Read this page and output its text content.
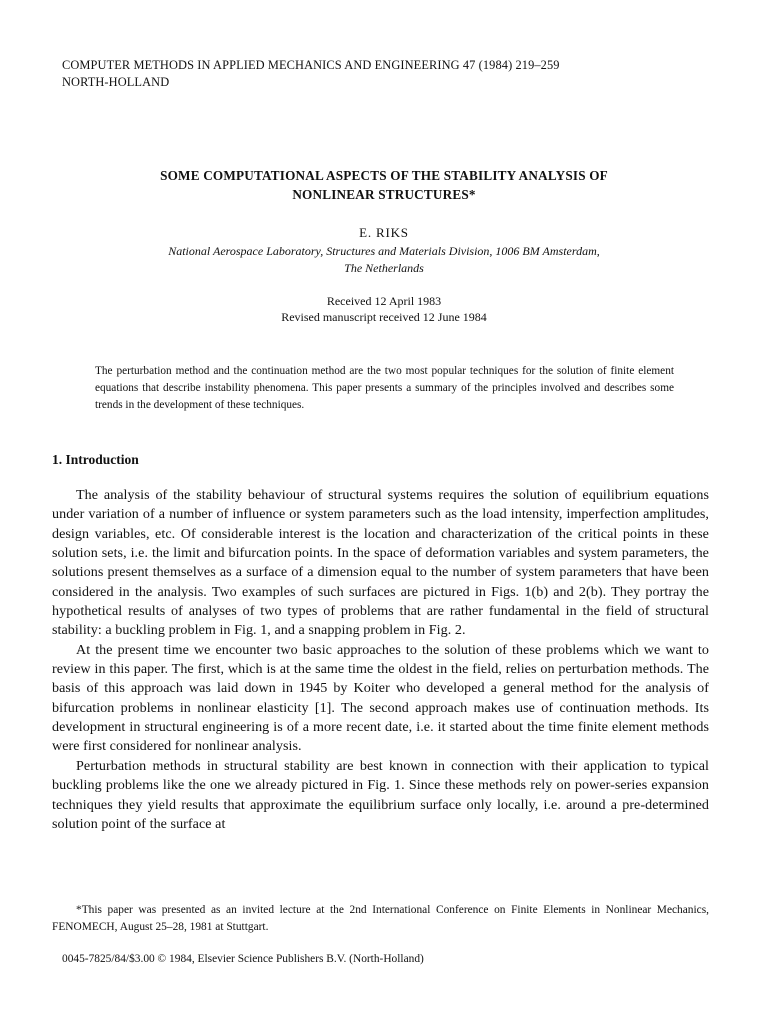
COMPUTER METHODS IN APPLIED MECHANICS AND ENGINEERING 47 (1984) 219–259
NORTH-HOLLAND
SOME COMPUTATIONAL ASPECTS OF THE STABILITY ANALYSIS OF
NONLINEAR STRUCTURES*
E. RIKS
National Aerospace Laboratory, Structures and Materials Division, 1006 BM Amsterdam,
The Netherlands
Received 12 April 1983
Revised manuscript received 12 June 1984
The perturbation method and the continuation method are the two most popular techniques for the solution of finite element equations that describe instability phenomena. This paper presents a summary of the principles involved and describes some trends in the development of these techniques.
1. Introduction

The analysis of the stability behaviour of structural systems requires the solution of equilibrium equations under variation of a number of influence or system parameters such as the load intensity, imperfection amplitudes, design variables, etc. Of considerable interest is the location and characterization of the critical points in these solution sets, i.e. the limit and bifurcation points. In the space of deformation variables and system parameters, the solutions present themselves as a surface of a dimension equal to the number of system parameters that have been considered in the analysis. Two examples of such surfaces are pictured in Figs. 1(b) and 2(b). They portray the hypothetical results of analyses of two types of problems that are rather fundamental in the field of structural stability: a buckling problem in Fig. 1, and a snapping problem in Fig. 2.

At the present time we encounter two basic approaches to the solution of these problems which we want to review in this paper. The first, which is at the same time the oldest in the field, relies on perturbation methods. The basis of this approach was laid down in 1945 by Koiter who developed a general method for the analysis of bifurcation problems in nonlinear elasticity [1]. The second approach makes use of continuation methods. Its development in structural engineering is of a more recent date, i.e. it started about the time finite element methods were first considered for nonlinear analysis.

Perturbation methods in structural stability are best known in connection with their application to typical buckling problems like the one we already pictured in Fig. 1. Since these methods rely on power-series expansion techniques they yield results that approximate the equilibrium surface only locally, i.e. around a pre-determined solution point of the surface at

*This paper was presented as an invited lecture at the 2nd International Conference on Finite Elements in Nonlinear Mechanics, FENOMECH, August 25–28, 1981 at Stuttgart.
0045-7825/84/$3.00 © 1984, Elsevier Science Publishers B.V. (North-Holland)
